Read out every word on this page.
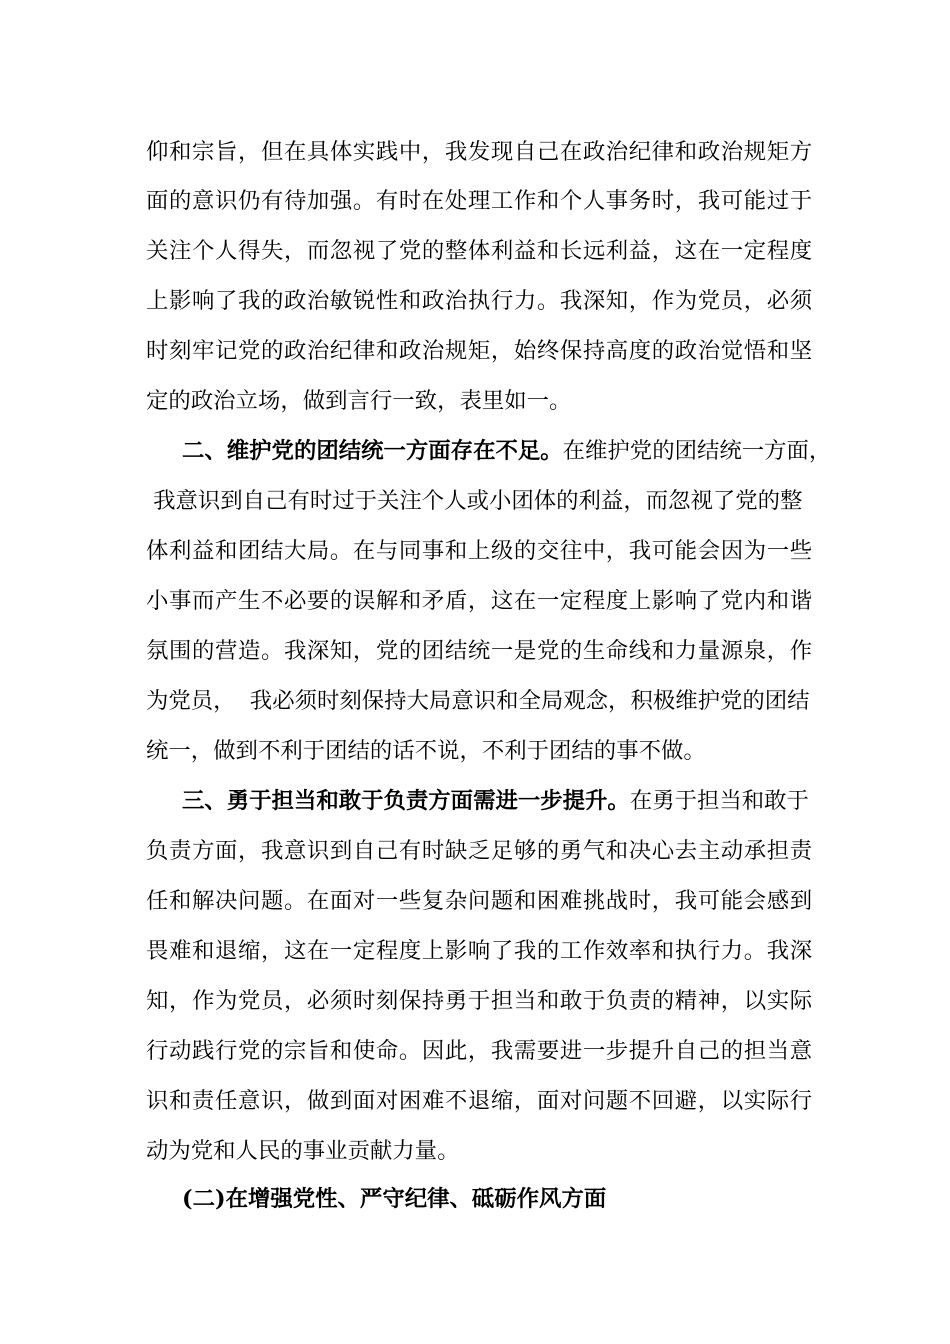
仰和宗旨，但在具体实践中，我发现自己在政治纪律和政治规矩方
面的意识仍有待加强。有时在处理工作和个人事务时，我可能过于
关注个人得失，而忽视了党的整体利益和长远利益，这在一定程度
上影响了我的政治敏锐性和政治执行力。我深知，作为党员，必须
时刻牢记党的政治纪律和政治规矩，始终保持高度的政治觉悟和坚
定的政治立场，做到言行一致，表里如一。
二、维护党的团结统一方面存在不足。在维护党的团结统一方面，
我意识到自己有时过于关注个人或小团体的利益，而忽视了党的整
体利益和团结大局。在与同事和上级的交往中，我可能会因为一些
小事而产生不必要的误解和矛盾，这在一定程度上影响了党内和谐
氛围的营造。我深知，党的团结统一是党的生命线和力量源泉，作
为党员，  我必须时刻保持大局意识和全局观念，积极维护党的团结
统一，做到不利于团结的话不说，不利于团结的事不做。
三、勇于担当和敢于负责方面需进一步提升。在勇于担当和敢于
负责方面，我意识到自己有时缺乏足够的勇气和决心去主动承担责
任和解决问题。在面对一些复杂问题和困难挑战时，我可能会感到
畏难和退缩，这在一定程度上影响了我的工作效率和执行力。我深
知，作为党员，必须时刻保持勇于担当和敢于负责的精神，以实际
行动践行党的宗旨和使命。因此，我需要进一步提升自己的担当意
识和责任意识，做到面对困难不退缩，面对问题不回避，以实际行
动为党和人民的事业贡献力量。
(二)在增强党性、严守纪律、砥砺作风方面
